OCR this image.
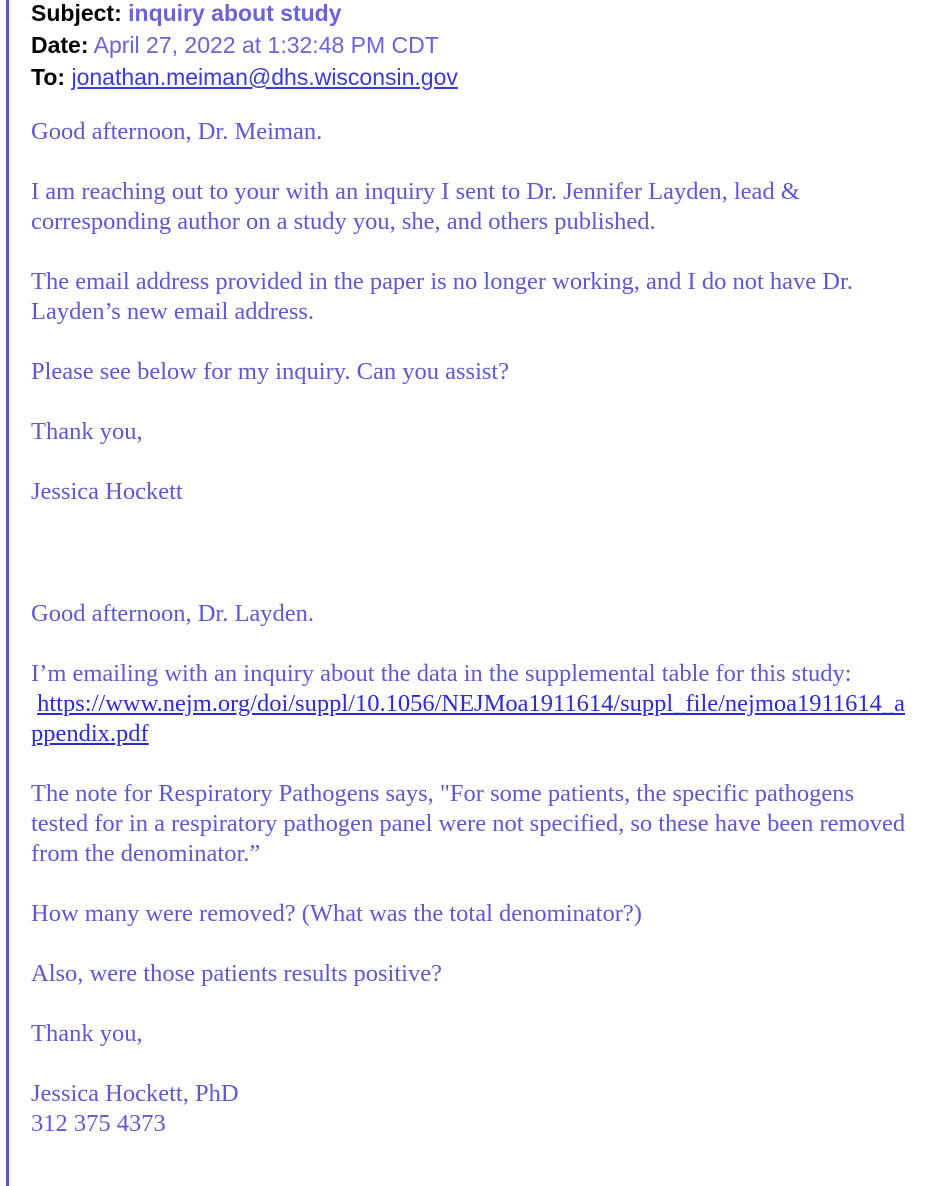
Subject: inquiry about study
Date: April 27, 2022 at 1:32:48 PM CDT
To: jonathan.meiman@dhs.wisconsin.gov

Good afternoon, Dr. Meiman.

I am reaching out to your with an inquiry I sent to Dr. Jennifer Layden, lead & corresponding author on a study you, she, and others published.

The email address provided in the paper is no longer working, and I do not have Dr. Layden’s new email address.

Please see below for my inquiry. Can you assist?

Thank you,

Jessica Hockett

Good afternoon, Dr. Layden.

I’m emailing with an inquiry about the data in the supplemental table for this study:
https://www.nejm.org/doi/suppl/10.1056/NEJMoa1911614/suppl_file/nejmoa1911614_appendix.pdf

The note for Respiratory Pathogens says, "For some patients, the specific pathogens tested for in a respiratory pathogen panel were not specified, so these have been removed from the denominator.”

How many were removed? (What was the total denominator?)

Also, were those patients results positive?

Thank you,

Jessica Hockett, PhD

312 375 4373
